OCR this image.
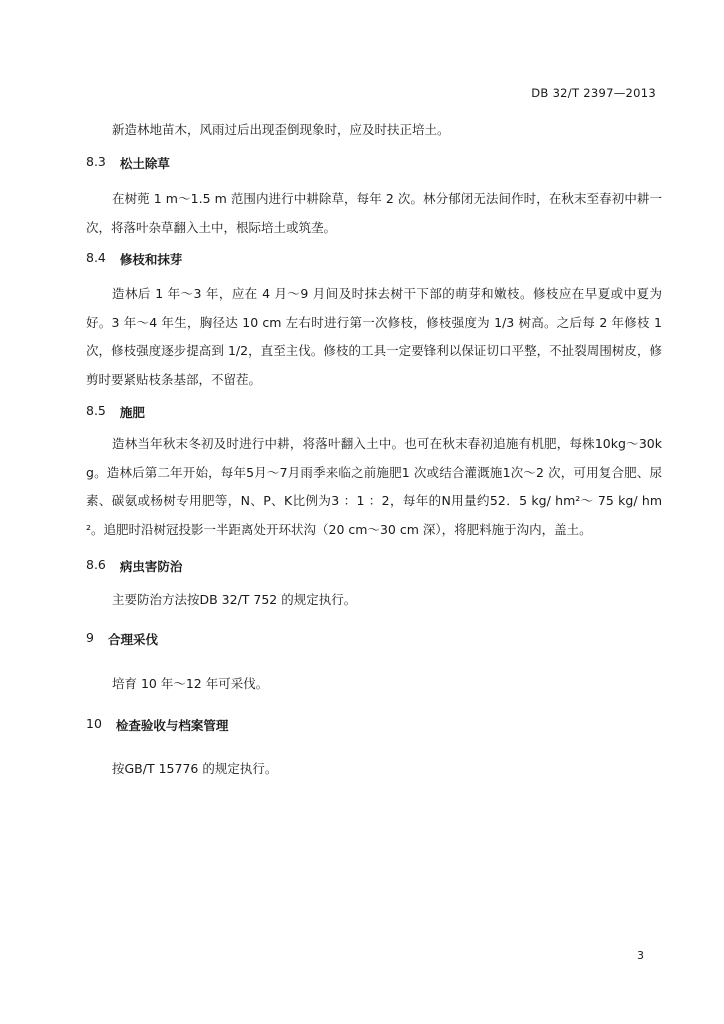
DB 32/T 2397—2013
新造林地苗木，风雨过后出现歪倒现象时，应及时扶正培土。
8.3 松土除草
在树蔸 1 m～1.5 m 范围内进行中耕除草，每年 2 次。林分郁闭无法间作时，在秋末至春初中耕一次，将落叶杂草翻入土中，根际培土或筑垄。
8.4 修枝和抹芽
造林后 1 年～3 年，应在 4 月～9 月间及时抹去树干下部的萌芽和嫩枝。修枝应在早夏或中夏为好。3 年～4 年生，胸径达 10 cm 左右时进行第一次修枝，修枝强度为 1/3 树高。之后每 2 年修枝 1 次，修枝强度逐步提高到 1/2，直至主伐。修枝的工具一定要锋利以保证切口平整，不扯裂周围树皮，修剪时要紧贴枝条基部，不留茬。
8.5 施肥
造林当年秋末冬初及时进行中耕，将落叶翻入土中。也可在秋末春初追施有机肥，每株10kg～30kg。造林后第二年开始，每年5月～7月雨季来临之前施肥1 次或结合灌溉施1次～2 次，可用复合肥、尿素、碳氨或杨树专用肥等，N、P、K比例为3 ：1 ：2，每年的N用量约52．5 kg/ hm²～ 75 kg/ hm²。追肥时沿树冠投影一半距离处开环状沟（20 cm～30 cm 深），将肥料施于沟内，盖土。
8.6 病虫害防治
主要防治方法按DB 32/T 752 的规定执行。
9 合理采伐
培育 10 年～12 年可采伐。
10 检查验收与档案管理
按GB/T 15776 的规定执行。
3
